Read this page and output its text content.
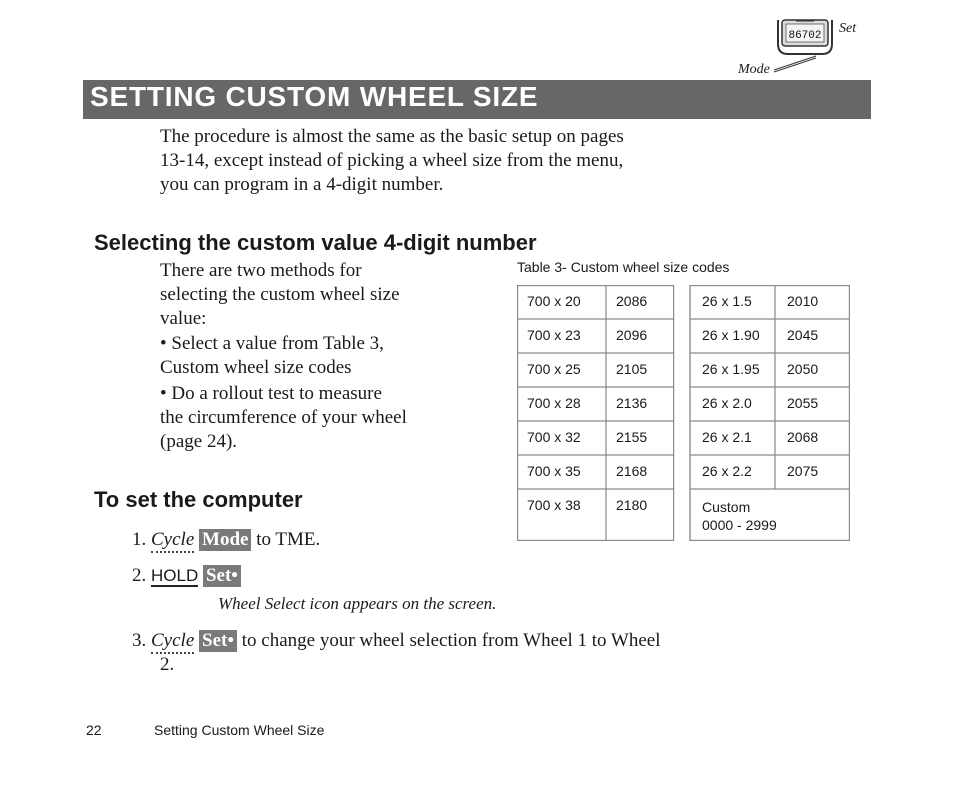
86702 Set
Mode
SETTING CUSTOM WHEEL SIZE
The procedure is almost the same as the basic setup on pages
13-14, except instead of picking a wheel size from the menu,
you can program in a 4-digit number.
Selecting the custom value 4-digit number
There are two methods for
selecting the custom wheel size
value:
• Select a value from Table 3,
Custom wheel size codes
• Do a rollout test to measure
the circumference of your wheel
(page 24).
Table 3- Custom wheel size codes
700 x 20	2086
700 x 23	2096
700 x 25	2105
700 x 28	2136
700 x 32	2155
700 x 35	2168
700 x 38	2180
26 x 1.5	2010
26 x 1.90	2045
26 x 1.95	2050
26 x 2.0	2055
26 x 2.1	2068
26 x 2.2	2075
Custom
0000 - 2999
To set the computer
1. Cycle Mode to TME.
2. HOLD Set•
Wheel Select icon appears on the screen.
3. Cycle Set• to change your wheel selection from Wheel 1 to Wheel
2.
22	Setting Custom Wheel Size
